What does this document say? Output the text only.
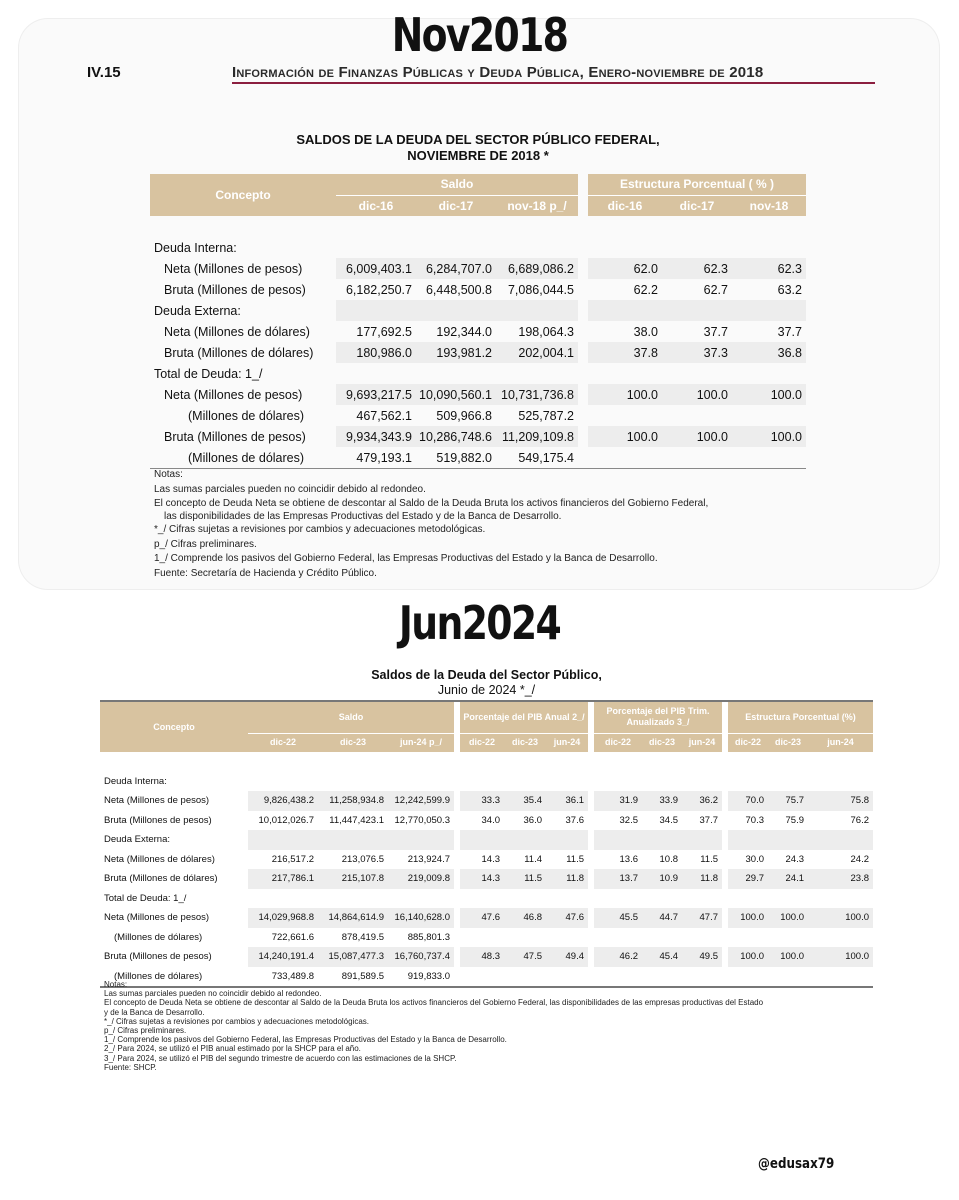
Nov2018
IV.15	Información de Finanzas Públicas y Deuda Pública, Enero-noviembre de 2018
SALDOS DE LA DEUDA DEL SECTOR PÚBLICO FEDERAL,
NOVIEMBRE DE 2018 *
Concepto	Saldo				Estructura Porcentual ( % )		
	dic-16	dic-17	nov-18 p_/		dic-16	dic-17	nov-18

Deuda Interna:							
Neta (Millones de pesos)	6,009,403.1	6,284,707.0	6,689,086.2		62.0	62.3	62.3
Bruta (Millones de pesos)	6,182,250.7	6,448,500.8	7,086,044.5		62.2	62.7	63.2
Deuda Externa:							
Neta (Millones de dólares)	177,692.5	192,344.0	198,064.3		38.0	37.7	37.7
Bruta (Millones de dólares)	180,986.0	193,981.2	202,004.1		37.8	37.3	36.8
Total de Deuda: 1_/							
Neta (Millones de pesos)	9,693,217.5	10,090,560.1	10,731,736.8		100.0	100.0	100.0
(Millones de dólares)	467,562.1	509,966.8	525,787.2				
Bruta (Millones de pesos)	9,934,343.9	10,286,748.6	11,209,109.8		100.0	100.0	100.0
(Millones de dólares)	479,193.1	519,882.0	549,175.4				
Notas:
Las sumas parciales pueden no coincidir debido al redondeo.
El concepto de Deuda Neta se obtiene de descontar al Saldo de la Deuda Bruta los activos financieros del Gobierno Federal,
las disponibilidades de las Empresas Productivas del Estado y de la Banca de Desarrollo.
*_/ Cifras sujetas a revisiones por cambios y adecuaciones metodológicas.
p_/ Cifras preliminares.
1_/ Comprende los pasivos del Gobierno Federal, las Empresas Productivas del Estado y la Banca de Desarrollo.
Fuente: Secretaría de Hacienda y Crédito Público.
Jun2024
Saldos de la Deuda del Sector Público,
Junio de 2024 *_/
Concepto	Saldo				Porcentaje del PIB Anual 2_/				Porcentaje del PIB Trim. Anualizado 3_/				Estructura Porcentual (%)		
	dic-22	dic-23	jun-24 p_/		dic-22	dic-23	jun-24		dic-22	dic-23	jun-24		dic-22	dic-23	jun-24

Deuda Interna:															
Neta (Millones de pesos)	9,826,438.2	11,258,934.8	12,242,599.9		33.3	35.4	36.1		31.9	33.9	36.2		70.0	75.7	75.8
Bruta (Millones de pesos)	10,012,026.7	11,447,423.1	12,770,050.3		34.0	36.0	37.6		32.5	34.5	37.7		70.3	75.9	76.2
Deuda Externa:															
Neta (Millones de dólares)	216,517.2	213,076.5	213,924.7		14.3	11.4	11.5		13.6	10.8	11.5		30.0	24.3	24.2
Bruta (Millones de dólares)	217,786.1	215,107.8	219,009.8		14.3	11.5	11.8		13.7	10.9	11.8		29.7	24.1	23.8
Total de Deuda: 1_/															
Neta (Millones de pesos)	14,029,968.8	14,864,614.9	16,140,628.0		47.6	46.8	47.6		45.5	44.7	47.7		100.0	100.0	100.0
(Millones de dólares)	722,661.6	878,419.5	885,801.3												
Bruta (Millones de pesos)	14,240,191.4	15,087,477.3	16,760,737.4		48.3	47.5	49.4		46.2	45.4	49.5		100.0	100.0	100.0
(Millones de dólares)	733,489.8	891,589.5	919,833.0												
Notas:
Las sumas parciales pueden no coincidir debido al redondeo.
El concepto de Deuda Neta se obtiene de descontar al Saldo de la Deuda Bruta los activos financieros del Gobierno Federal, las disponibilidades de las empresas productivas del Estado
y de la Banca de Desarrollo.
*_/ Cifras sujetas a revisiones por cambios y adecuaciones metodológicas.
p_/ Cifras preliminares.
1_/ Comprende los pasivos del Gobierno Federal, las Empresas Productivas del Estado y la Banca de Desarrollo.
2_/ Para 2024, se utilizó el PIB anual estimado por la SHCP para el año.
3_/ Para 2024, se utilizó el PIB del segundo trimestre de acuerdo con las estimaciones de la SHCP.
Fuente: SHCP.
@edusax79
